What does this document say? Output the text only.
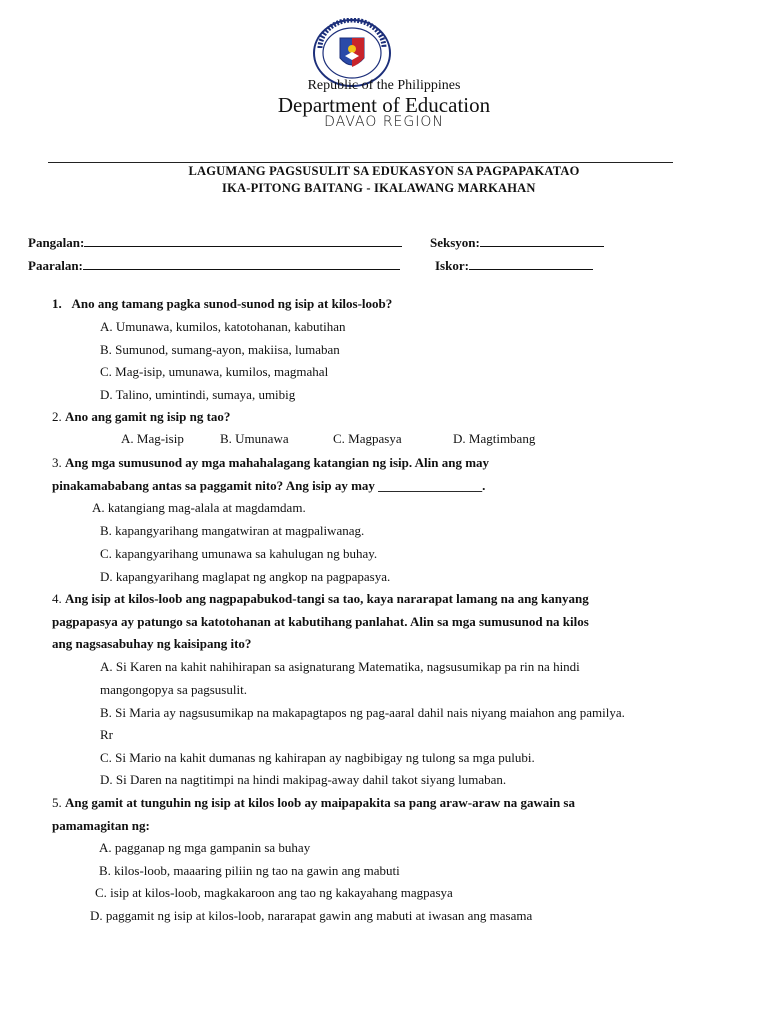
Republic of the Philippines
Department of Education
DAVAO REGION
LAGUMANG PAGSUSULIT SA EDUKASYON SA PAGPAPAKATAO
IKA-PITONG BAITANG - IKALAWANG MARKAHAN
Pangalan:	Seksyon:
Paaralan:	Iskor:
1. Ano ang tamang pagka sunod-sunod ng isip at kilos-loob?
A. Umunawa, kumilos, katotohanan, kabutihan
B. Sumunod, sumang-ayon, makiisa, lumaban
C. Mag-isip, umunawa, kumilos, magmahal
D. Talino, umintindi, sumaya, umibig
2. Ano ang gamit ng isip ng tao?
A. Mag-isip	B. Umunawa	C. Magpasya	D. Magtimbang
3. Ang mga sumusunod ay mga mahahalagang katangian ng isip. Alin ang may
pinakamababang antas sa paggamit nito? Ang isip ay may ________________.
A. katangiang mag-alala at magdamdam.
B. kapangyarihang mangatwiran at magpaliwanag.
C. kapangyarihang umunawa sa kahulugan ng buhay.
D. kapangyarihang maglapat ng angkop na pagpapasya.
4. Ang isip at kilos-loob ang nagpapabukod-tangi sa tao, kaya nararapat lamang na ang kanyang
pagpapasya ay patungo sa katotohanan at kabutihang panlahat. Alin sa mga sumusunod na kilos
ang nagsasabuhay ng kaisipang ito?
A. Si Karen na kahit nahihirapan sa asignaturang Matematika, nagsusumikap pa rin na hindi
mangongopya sa pagsusulit.
B. Si Maria ay nagsusumikap na makapagtapos ng pag-aaral dahil nais niyang maiahon ang pamilya.
Rr
C. Si Mario na kahit dumanas ng kahirapan ay nagbibigay ng tulong sa mga pulubi.
D. Si Daren na nagtitimpi na hindi makipag-away dahil takot siyang lumaban.
5. Ang gamit at tunguhin ng isip at kilos loob ay maipapakita sa pang araw-araw na gawain sa
pamamagitan ng:
A. pagganap ng mga gampanin sa buhay
B. kilos-loob, maaaring piliin ng tao na gawin ang mabuti
C. isip at kilos-loob, magkakaroon ang tao ng kakayahang magpasya
D. paggamit ng isip at kilos-loob, nararapat gawin ang mabuti at iwasan ang masama
